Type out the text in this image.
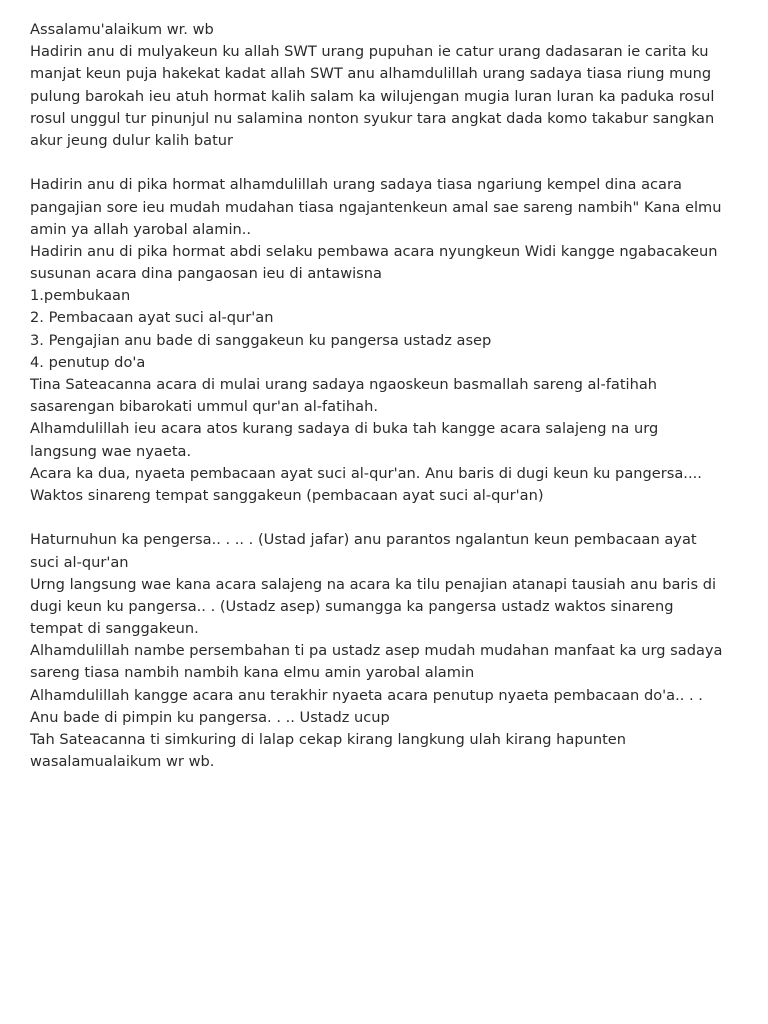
Assalamu'alaikum wr. wb
Hadirin anu di mulyakeun ku allah SWT urang pupuhan ie catur urang dadasaran ie carita ku
manjat keun puja hakekat kadat allah SWT anu alhamdulillah urang sadaya tiasa riung mung
pulung barokah ieu atuh hormat kalih salam ka wilujengan mugia luran luran ka paduka rosul
rosul unggul tur pinunjul nu salamina nonton syukur tara angkat dada komo takabur sangkan
akur jeung dulur kalih batur
Hadirin anu di pika hormat alhamdulillah urang sadaya tiasa ngariung kempel dina acara
pangajian sore ieu mudah mudahan tiasa ngajantenkeun amal sae sareng nambih" Kana elmu
amin ya allah yarobal alamin..
Hadirin anu di pika hormat abdi selaku pembawa acara nyungkeun Widi kangge ngabacakeun
susunan acara dina pangaosan ieu di antawisna
1.pembukaan
2. Pembacaan ayat suci al-qur'an
3. Pengajian anu bade di sanggakeun ku pangersa ustadz asep
4. penutup do'a
Tina Sateacanna acara di mulai urang sadaya ngaoskeun basmallah sareng al-fatihah
sasarengan bibarokati ummul qur'an al-fatihah.
Alhamdulillah ieu acara atos kurang sadaya di buka tah kangge acara salajeng na urg
langsung wae nyaeta.
Acara ka dua, nyaeta pembacaan ayat suci al-qur'an. Anu baris di dugi keun ku pangersa....
Waktos sinareng tempat sanggakeun (pembacaan ayat suci al-qur'an)
Haturnuhun ka pengersa.. . .. . (Ustad jafar) anu parantos ngalantun keun pembacaan ayat
suci al-qur'an
Urng langsung wae kana acara salajeng na acara ka tilu penajian atanapi tausiah anu baris di
dugi keun ku pangersa.. . (Ustadz asep) sumangga ka pangersa ustadz waktos sinareng
tempat di sanggakeun.
Alhamdulillah nambe persembahan ti pa ustadz asep mudah mudahan manfaat ka urg sadaya
sareng tiasa nambih nambih kana elmu amin yarobal alamin
Alhamdulillah kangge acara anu terakhir nyaeta acara penutup nyaeta pembacaan do'a.. . .
Anu bade di pimpin ku pangersa. . .. Ustadz ucup
Tah Sateacanna ti simkuring di lalap cekap kirang langkung ulah kirang hapunten
wasalamualaikum wr wb.
